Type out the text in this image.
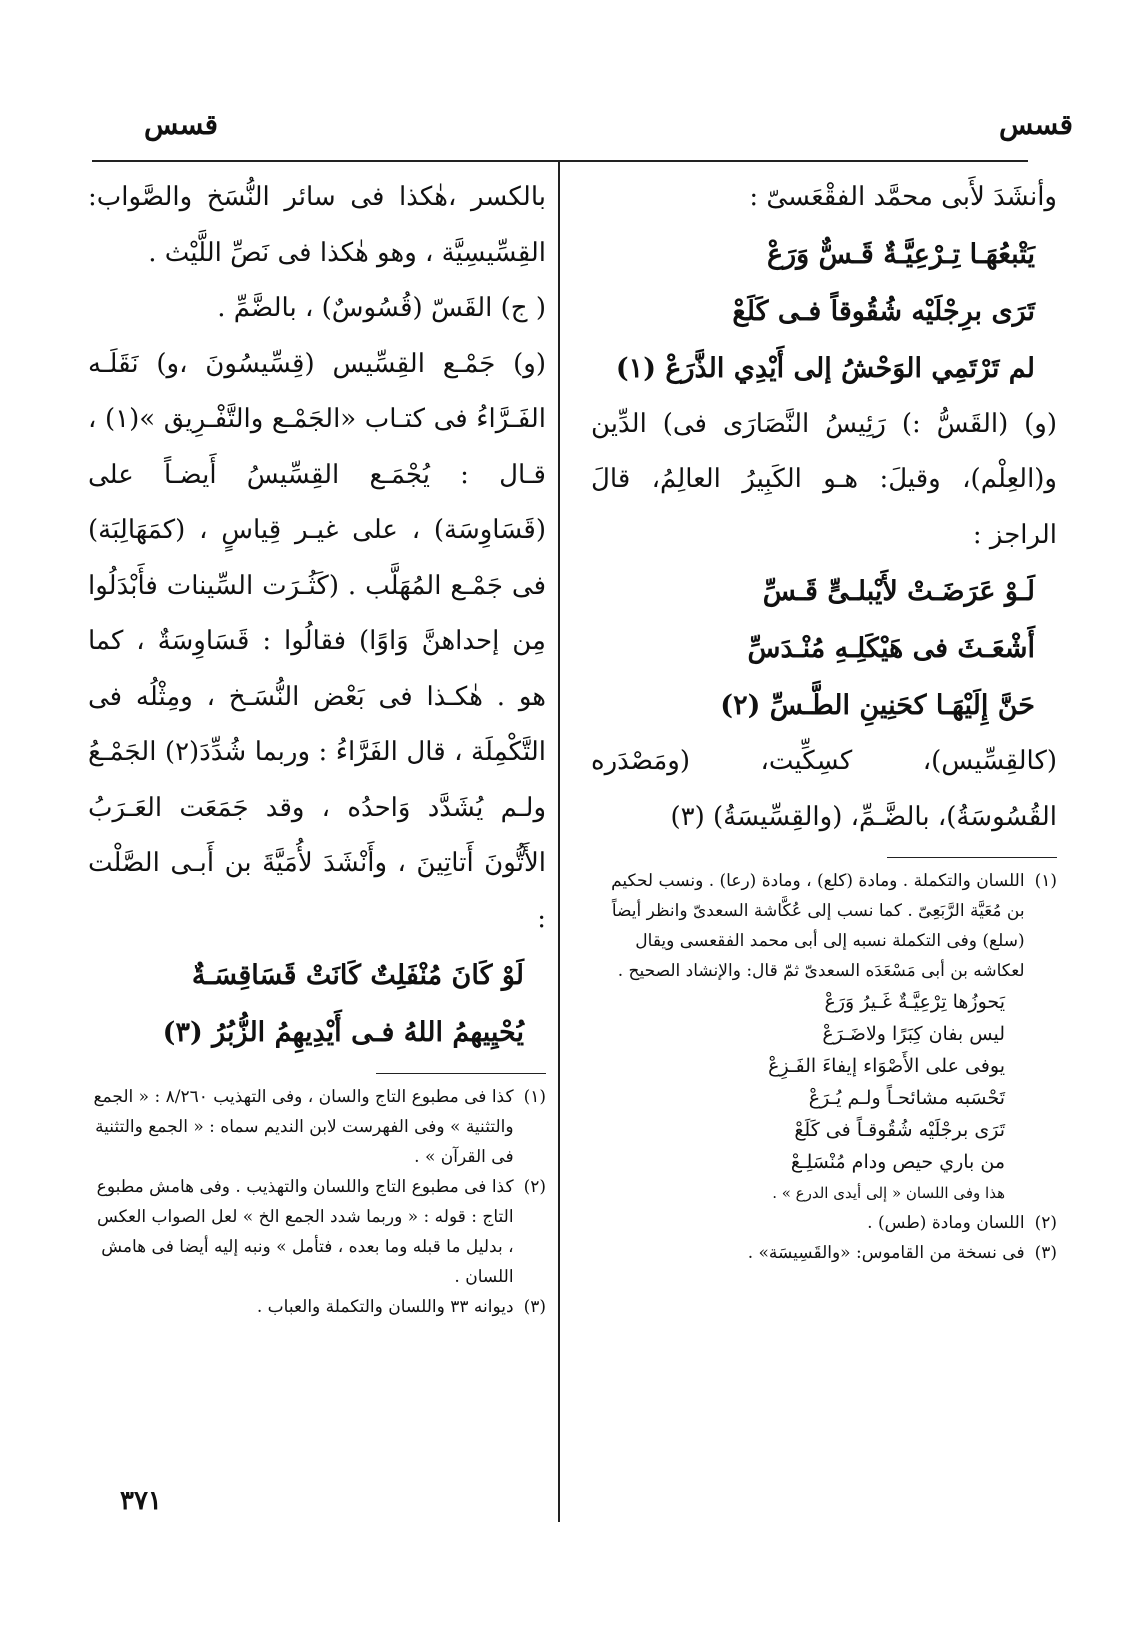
قسس
قسس
وأنشَدَ لأَبى محمَّد الفقْعَسىّ :
يَتْبعُهَـا تِـرْعِيَّـةٌ قَـسٌّ وَرَعْ
تَرَى برِجْلَيْه شُقُوقاً فـى كَلَعْ
لم تَرْتَمِي الوَحْشُ إلى أَيْدِي الذَّرَعْ (١)
(و) (القَسُّ :) رَئِيسُ النَّصَارَى فى) الدِّين و(العِلْم)، وقيلَ: هـو الكَبِيرُ العالِمُ، قالَ الراجز :
لَـوْ عَرَضَـتْ لأَيْبلـىٍّ قَـسِّ
أَشْعَـثَ فى هَيْكَلِـهِ مُنْـدَسِّ
حَنَّ إِلَيْهَـا كحَنِينِ الطَّـسِّ (٢)
(كالقِسِّيس)، كسِكِّيت، (ومَصْدَره القُسُوسَةُ)، بالضَّـمِّ، (والقِسِّيسَةُ) (٣)
(١)
اللسان والتكملة . ومادة (كلع) ، ومادة (رعا) . ونسب لحكيم بن مُعَيَّة الرَّبَعِىّ . كما نسب إلى عُكَّاشة السعدىّ وانظر أيضاً (سلع) وفى التكملة نسبه إلى أبى محمد الفقعسى ويقال لعكاشه بن أبى مَسْعَدَه السعدىّ ثمّ قال: والإنشاد الصحيح .
يَحوزُها تِرْعِيَّـةٌ غَـيرُ وَرَعْ
ليس بفان كِبَرًا ولاضَـرَعْ
يوفى على الأَصْوَاء إيفاءَ الفَـزِعْ
تَحْسَبه مشائحـاً ولـم يُـرَعْ
تَرَى برجْلَيْه شُقُوقـاً فى كَلَعْ
من باري حيص ودام مُنْسَلِـعْ
هذا وفى اللسان « إلى أيدى الدرع » .
(٢)
اللسان ومادة (طس) .
(٣)
فى نسخة من القاموس: «والقَسِيسَة» .
بالكسر ،هٰكذا فى سائر النُّسَخ والصَّواب: القِسِّيسِيَّة ، وهو هٰكذا فى نَصِّ اللَّيْث .
( ج) القَسّ (قُسُوسٌ) ، بالضَّمِّ .
(و) جَمْـع القِسِّيس (قِسِّيسُونَ ،و) نَقَلَـه الفَـرَّاءُ فى كتـاب «الجَمْـع والتَّفْـرِيق »(١) ، قـال : يُجْمَـع القِسِّيسُ أَيضـاً على (قَسَاوِسَة) ، على غيـر قِياسٍ ، (كمَهَالِبَة) فى جَمْـع المُهَلَّب . (كَثُـرَت السِّينات فأَبْدَلُوا مِن إحداهنَّ وَاوًا) فقالُوا : قَسَاوِسَةٌ ، كما هو . هٰكـذا فى بَعْض النُّسَـخ ، ومِثْلُه فى التَّكْمِلَة ، قال الفَرَّاءُ : وربما شُدِّدَ(٢) الجَمْـعُ ولـم يُشَدَّد وَاحدُه ، وقد جَمَعَت العَـرَبُ الأَتُّونَ أَتاتِينَ ، وأَنْشَدَ لأُمَيَّةَ بن أَبـى الصَّلْت :
لَوْ كَانَ مُنْفَلِتٌ كَانَتْ قَسَاقِسَـةٌ
يُحْيِيهمُ اللهُ فـى أَيْدِيهِمُ الزُّبُرُ (٣)
(١)
كذا فى مطبوع التاج والسان ، وفى التهذيب ٨/٢٦٠ : « الجمع والتثنية » وفى الفهرست لابن النديم سماه : « الجمع والتثنية فى القرآن » .
(٢)
كذا فى مطبوع التاج واللسان والتهذيب . وفى هامش مطبوع التاج : قوله : « وربما شدد الجمع الخ » لعل الصواب العكس ، بدليل ما قبله وما بعده ، فتأمل » ونبه إليه أيضا فى هامش اللسان .
(٣)
ديوانه ٣٣ واللسان والتكملة والعباب .
٣٧١
